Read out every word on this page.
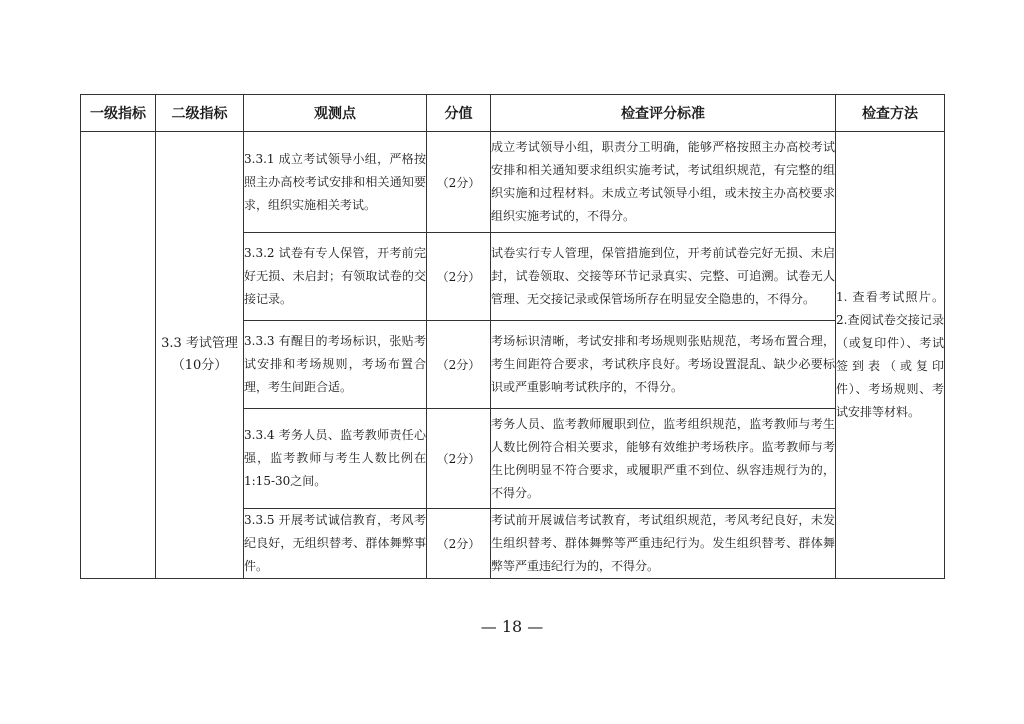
一级指标	二级指标	观测点	分值	检查评分标准	检查方法
	3.3 考试管理（10分）	3.3.1 成立考试领导小组，严格按照主办高校考试安排和相关通知要求，组织实施相关考试。	（2分）	成立考试领导小组，职责分工明确，能够严格按照主办高校考试安排和相关通知要求组织实施考试，考试组织规范，有完整的组织实施和过程材料。未成立考试领导小组，或未按主办高校要求组织实施考试的，不得分。	1. 查看考试照片。2.查阅试卷交接记录（或复印件）、考试签到表（或复印件）、考场规则、考试安排等材料。
		3.3.2 试卷有专人保管，开考前完好无损、未启封；有领取试卷的交接记录。	（2分）	试卷实行专人管理，保管措施到位，开考前试卷完好无损、未启封，试卷领取、交接等环节记录真实、完整、可追溯。试卷无人管理、无交接记录或保管场所存在明显安全隐患的，不得分。	
		3.3.3 有醒目的考场标识，张贴考试安排和考场规则，考场布置合理，考生间距合适。	（2分）	考场标识清晰，考试安排和考场规则张贴规范，考场布置合理，考生间距符合要求，考试秩序良好。考场设置混乱、缺少必要标识或严重影响考试秩序的，不得分。	
		3.3.4 考务人员、监考教师责任心强，监考教师与考生人数比例在1:15-30之间。	（2分）	考务人员、监考教师履职到位，监考组织规范，监考教师与考生人数比例符合相关要求，能够有效维护考场秩序。监考教师与考生比例明显不符合要求，或履职严重不到位、纵容违规行为的，不得分。	
		3.3.5 开展考试诚信教育，考风考纪良好，无组织替考、群体舞弊事件。	（2分）	考试前开展诚信考试教育，考试组织规范，考风考纪良好，未发生组织替考、群体舞弊等严重违纪行为。发生组织替考、群体舞弊等严重违纪行为的，不得分。	
— 18 —
